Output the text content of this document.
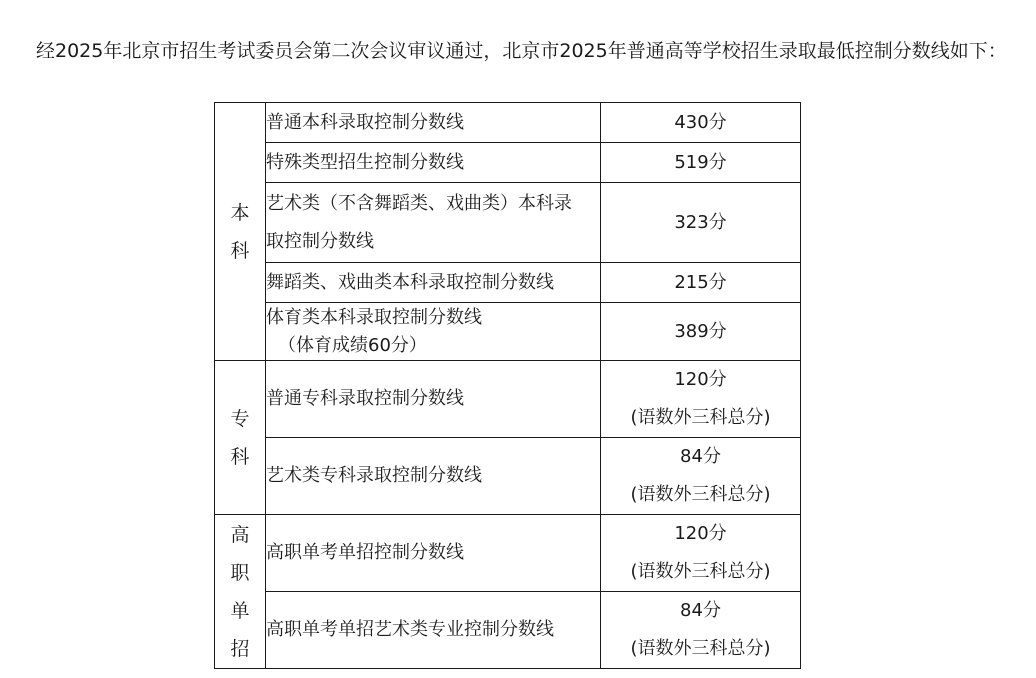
经2025年北京市招生考试委员会第二次会议审议通过，北京市2025年普通高等学校招生录取最低控制分数线如下：

本
科	普通本科录取控制分数线	430分
	特殊类型招生控制分数线	519分

	艺术类（不含舞蹈类、戏曲类）本科录
取控制分数线	323分
	舞蹈类、戏曲类本科录取控制分数线	215分

	体育类本科录取控制分数线
（体育成绩60分）	389分

专
科	普通专科录取控制分数线	120分
(语数外三科总分)

	艺术类专科录取控制分数线	84分
(语数外三科总分)

高
职
单
招	高职单考单招控制分数线	120分
(语数外三科总分)

	高职单考单招艺术类专业控制分数线	84分
(语数外三科总分)
